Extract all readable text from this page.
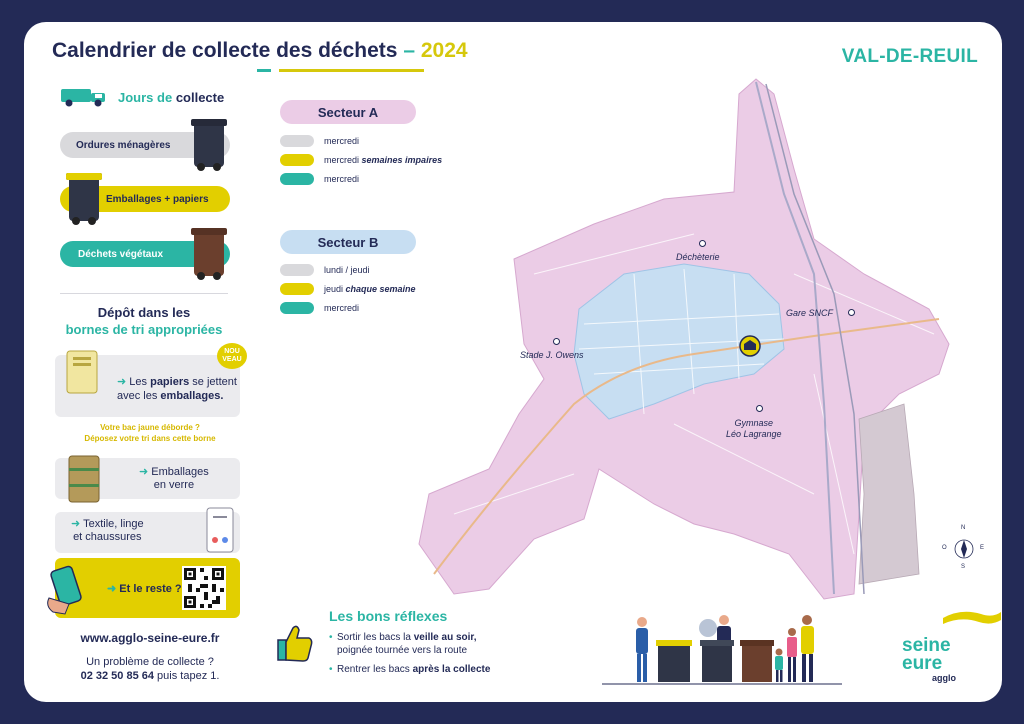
Calendrier de collecte des déchets – 2024	VAL-DE-REUIL
Jours de collecte
Ordures ménagères
Emballages + papiers
Déchets végétaux
Dépôt dans les
bornes de tri appropriées
➜ Les papiers se jettent avec les emballages.
NOU VEAU
Votre bac jaune déborde ?
Déposez votre tri dans cette borne
➜ Emballages
en verre
➜ Textile, linge
et chaussures
➜ Et le reste ?
www.agglo-seine-eure.fr
Un problème de collecte ?
02 32 50 85 64 puis tapez 1.
Secteur A
mercredi
mercredi semaines impaires
mercredi
Secteur B
lundi / jeudi
jeudi chaque semaine
mercredi
Déchèterie
Gare SNCF
Stade J. Owens
Gymnase
Léo Lagrange
N
S
E
O
Les bons réflexes
• Sortir les bacs la veille au soir,
poignée tournée vers la route
• Rentrer les bacs après la collecte
seine eure
agglo
